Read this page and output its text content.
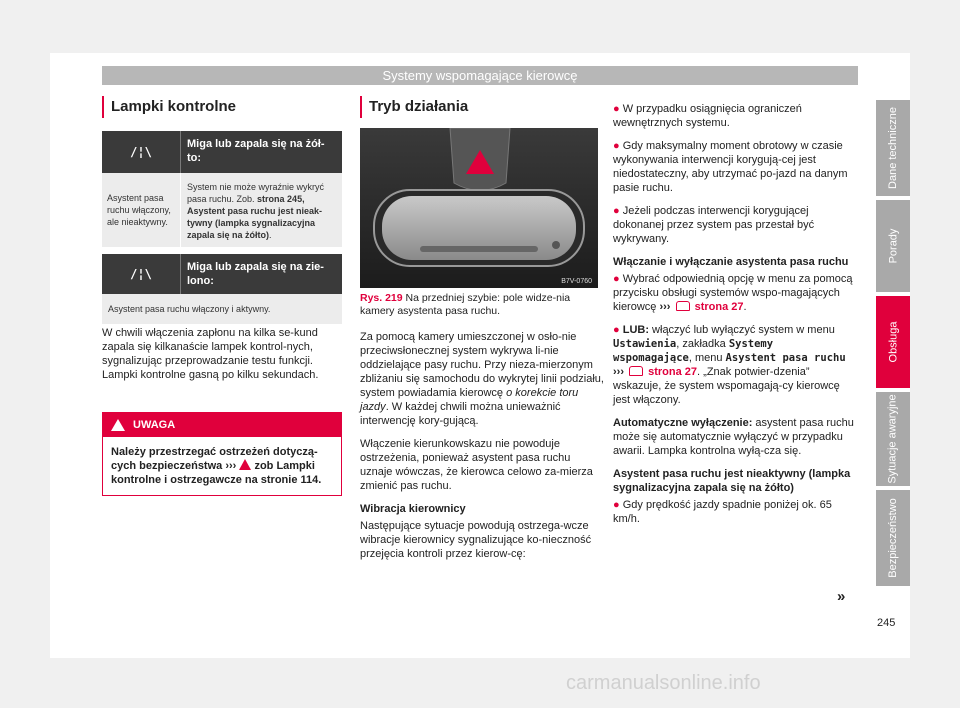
Systemy wspomagające kierowcę
Lampki kontrolne
/¦\
Miga lub zapala się na żół-to:
Asystent pasa ruchu włączony, ale nieaktywny.
System nie może wyraźnie wykryć pasa ruchu. Zob. strona 245, Asystent pasa ruchu jest nieak-tywny (lampka sygnalizacyjna zapala się na żółto).
/¦\	Miga lub zapala się na zie-lono:
Asystent pasa ruchu włączony i aktywny.

W chwili włączenia zapłonu na kilka se-kund zapala się kilkanaście lampek kontrol-nych, sygnalizując przeprowadzanie testu funkcji. Lampki kontrolne gasną po kilku sekundach.

UWAGA
Należy przestrzegać ostrzeżeń dotyczą-cych bezpieczeństwa ›››  zob Lampki kontrolne i ostrzegawcze na stronie 114.
Tryb działania
B7V-0760
Rys. 219 Na przedniej szybie: pole widze-nia kamery asystenta pasa ruchu.

Za pomocą kamery umieszczonej w osło-nie przeciwsłonecznej system wykrywa li-nie oddzielające pasy ruchu. Przy nieza-mierzonym zbliżaniu się samochodu do wykrytej linii podziału, system powiadamia kierowcę o korekcie toru jazdy. W każdej chwili można unieważnić interwencję kory-gującą.

Włączenie kierunkowskazu nie powoduje ostrzeżenia, ponieważ asystent pasa ruchu uznaje wówczas, że kierowca celowo za-mierza zmienić pas ruchu.

Wibracja kierownicy

Następujące sytuacje powodują ostrzega-wcze wibracje kierownicy sygnalizujące ko-nieczność przejęcia kontroli przez kierow-cę:

● W przypadku osiągnięcia ograniczeń wewnętrznych systemu.

● Gdy maksymalny moment obrotowy w czasie wykonywania interwencji korygują-cej jest niedostateczny, aby utrzymać po-jazd na danym pasie ruchu.

● Jeżeli podczas interwencji korygującej dokonanej przez system pas przestał być wykrywany.

Włączanie i wyłączanie asystenta pasa ruchu

● Wybrać odpowiednią opcję w menu za pomocą przycisku obsługi systemów wspo-magających kierowcę ››› strona 27.

● LUB: włączyć lub wyłączyć system w menu Ustawienia, zakładka Systemy wspomagające, menu Asystent pasa ruchu ››› strona 27. „Znak potwier-dzenia” wskazuje, że system wspomagają-cy kierowcę jest włączony.

Automatyczne wyłączenie: asystent pasa ruchu może się automatycznie wyłączyć w przypadku awarii. Lampka kontrolna wyłą-cza się.

Asystent pasa ruchu jest nieaktywny (lampka sygnalizacyjna zapala się na żółto)

● Gdy prędkość jazdy spadnie poniżej ok. 65 km/h.

»
Dane techniczne
Porady
Obsługa
Sytuacje awaryjne
Bezpieczeństwo
245
carmanualsonline.info
